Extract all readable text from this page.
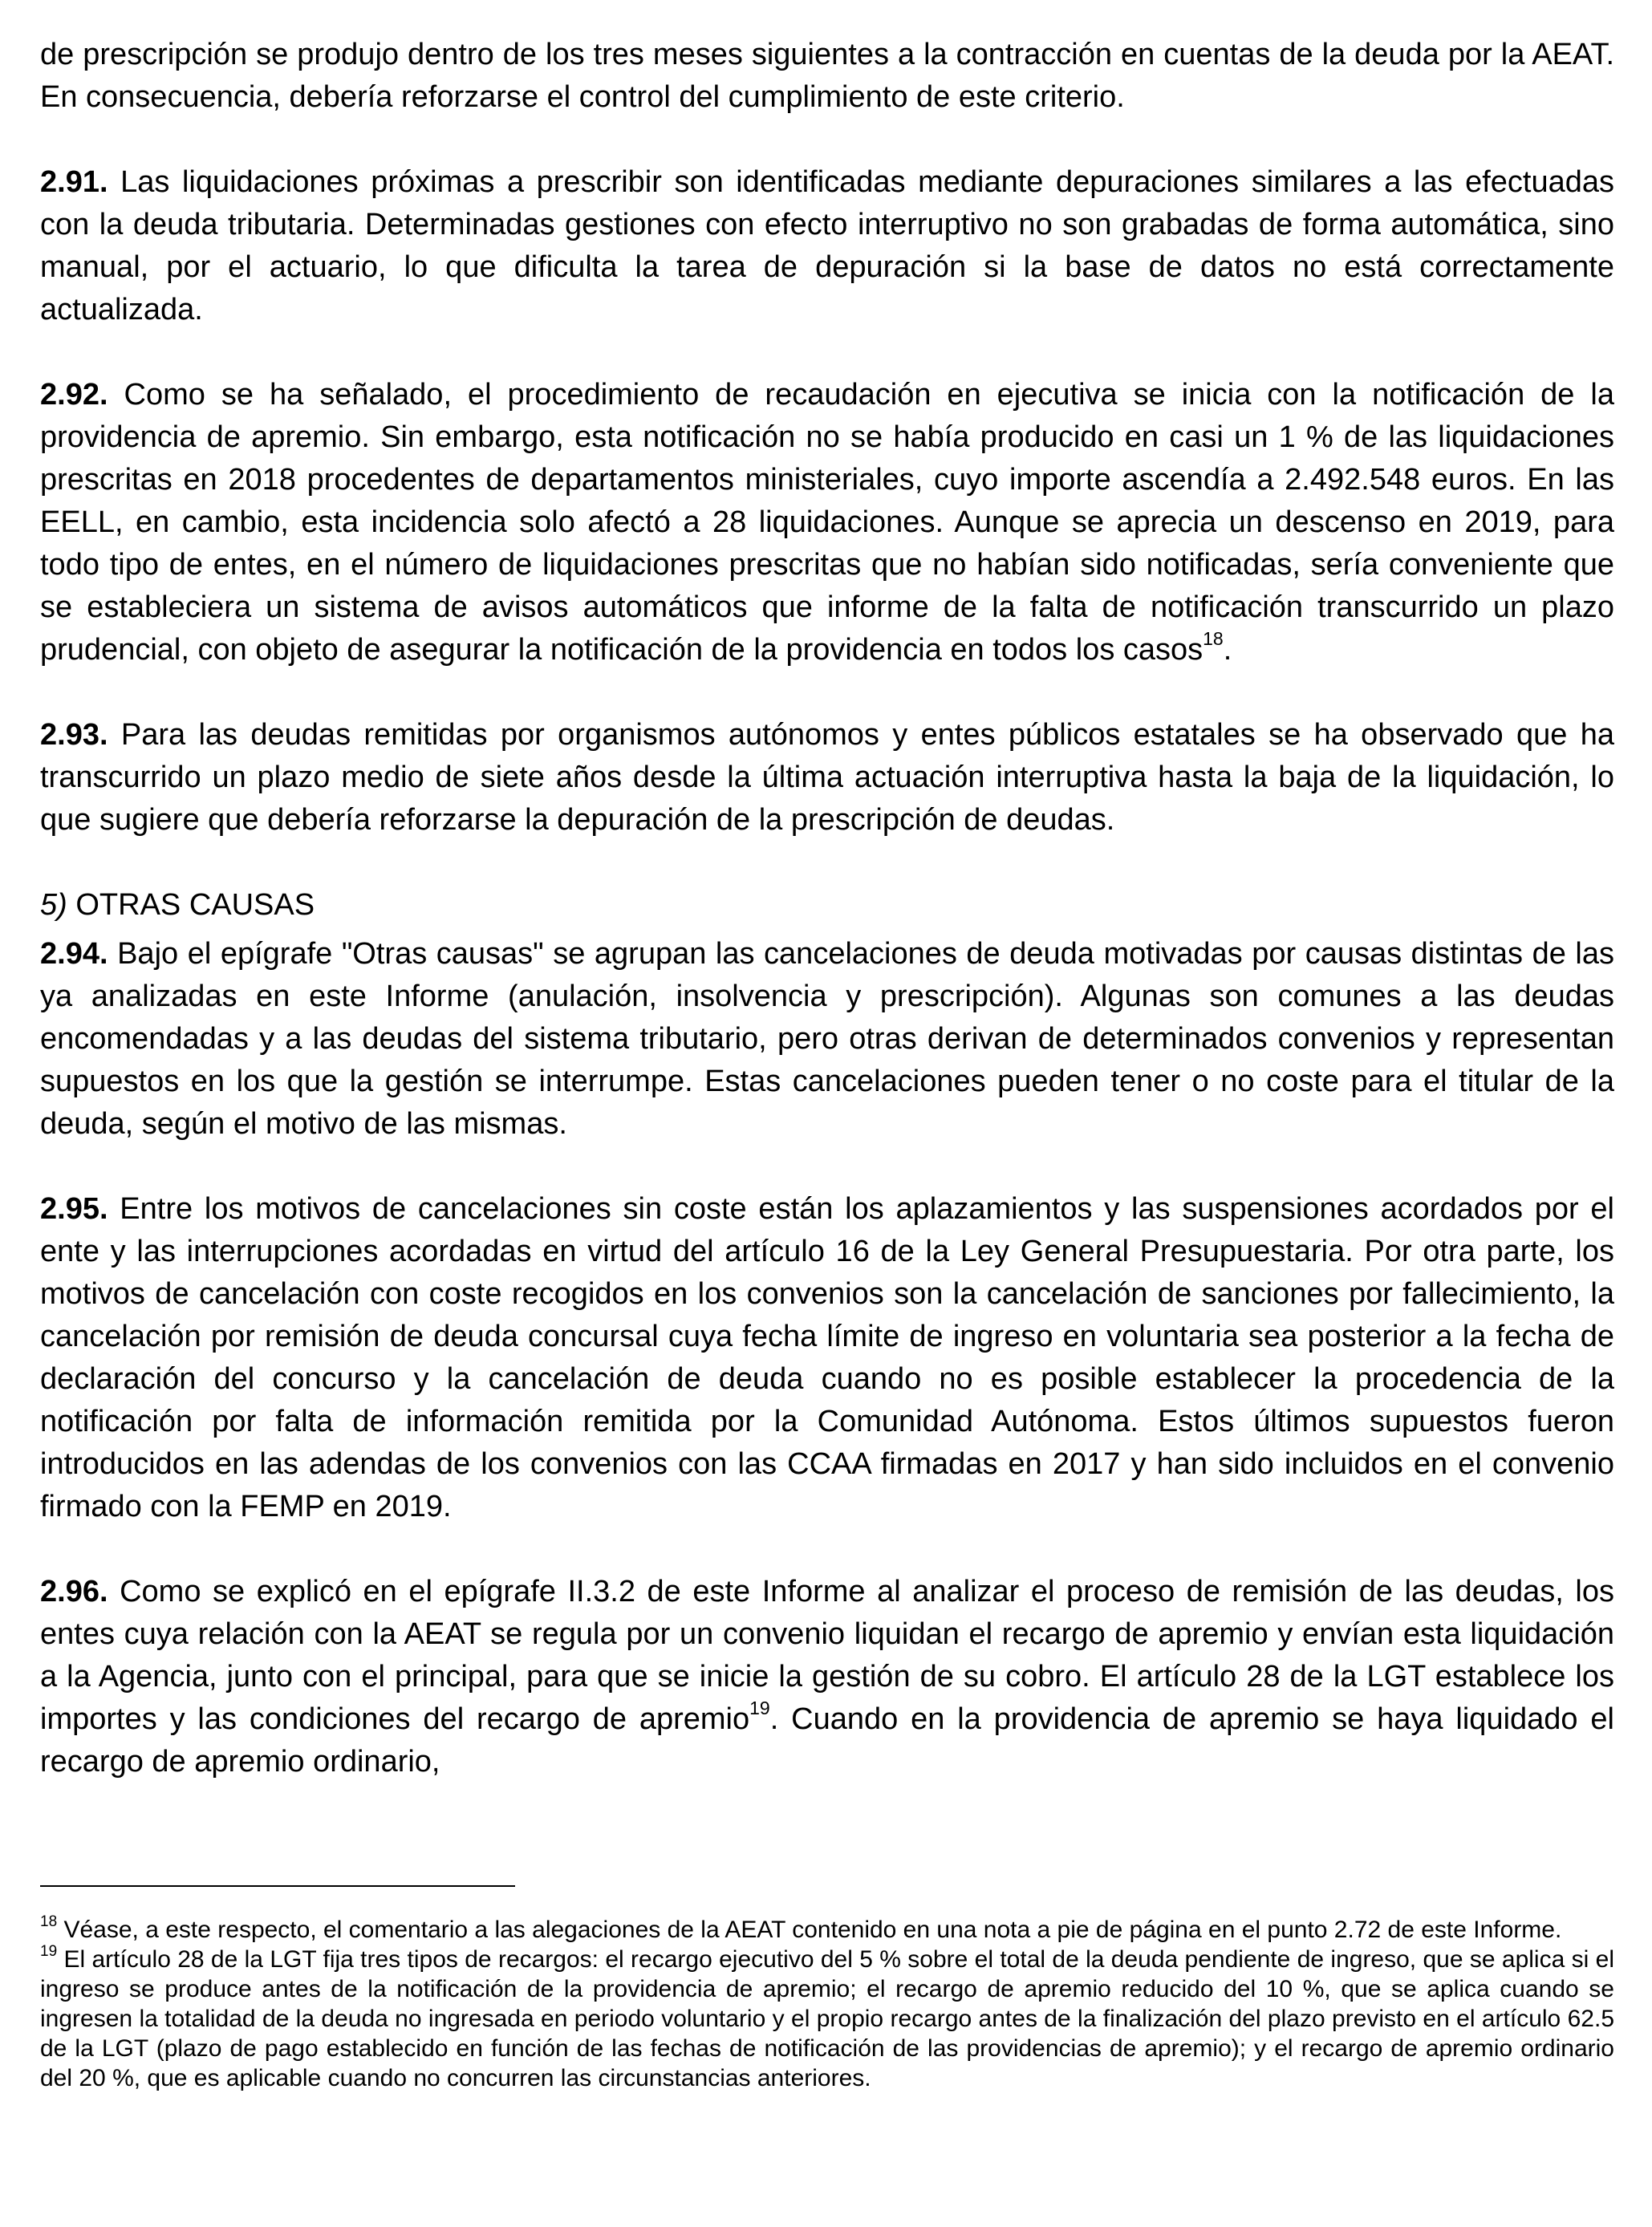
de prescripción se produjo dentro de los tres meses siguientes a la contracción en cuentas de la deuda por la AEAT. En consecuencia, debería reforzarse el control del cumplimiento de este criterio.

2.91. Las liquidaciones próximas a prescribir son identificadas mediante depuraciones similares a las efectuadas con la deuda tributaria. Determinadas gestiones con efecto interruptivo no son grabadas de forma automática, sino manual, por el actuario, lo que dificulta la tarea de depuración si la base de datos no está correctamente actualizada.

2.92. Como se ha señalado, el procedimiento de recaudación en ejecutiva se inicia con la notificación de la providencia de apremio. Sin embargo, esta notificación no se había producido en casi un 1 % de las liquidaciones prescritas en 2018 procedentes de departamentos ministeriales, cuyo importe ascendía a 2.492.548 euros. En las EELL, en cambio, esta incidencia solo afectó a 28 liquidaciones. Aunque se aprecia un descenso en 2019, para todo tipo de entes, en el número de liquidaciones prescritas que no habían sido notificadas, sería conveniente que se estableciera un sistema de avisos automáticos que informe de la falta de notificación transcurrido un plazo prudencial, con objeto de asegurar la notificación de la providencia en todos los casos$^{18}$.

2.93. Para las deudas remitidas por organismos autónomos y entes públicos estatales se ha observado que ha transcurrido un plazo medio de siete años desde la última actuación interruptiva hasta la baja de la liquidación, lo que sugiere que debería reforzarse la depuración de la prescripción de deudas.

5) OTRAS CAUSAS

2.94. Bajo el epígrafe "Otras causas" se agrupan las cancelaciones de deuda motivadas por causas distintas de las ya analizadas en este Informe (anulación, insolvencia y prescripción). Algunas son comunes a las deudas encomendadas y a las deudas del sistema tributario, pero otras derivan de determinados convenios y representan supuestos en los que la gestión se interrumpe. Estas cancelaciones pueden tener o no coste para el titular de la deuda, según el motivo de las mismas.

2.95. Entre los motivos de cancelaciones sin coste están los aplazamientos y las suspensiones acordados por el ente y las interrupciones acordadas en virtud del artículo 16 de la Ley General Presupuestaria. Por otra parte, los motivos de cancelación con coste recogidos en los convenios son la cancelación de sanciones por fallecimiento, la cancelación por remisión de deuda concursal cuya fecha límite de ingreso en voluntaria sea posterior a la fecha de declaración del concurso y la cancelación de deuda cuando no es posible establecer la procedencia de la notificación por falta de información remitida por la Comunidad Autónoma. Estos últimos supuestos fueron introducidos en las adendas de los convenios con las CCAA firmadas en 2017 y han sido incluidos en el convenio firmado con la FEMP en 2019.

2.96. Como se explicó en el epígrafe II.3.2 de este Informe al analizar el proceso de remisión de las deudas, los entes cuya relación con la AEAT se regula por un convenio liquidan el recargo de apremio y envían esta liquidación a la Agencia, junto con el principal, para que se inicie la gestión de su cobro. El artículo 28 de la LGT establece los importes y las condiciones del recargo de apremio$^{19}$. Cuando en la providencia de apremio se haya liquidado el recargo de apremio ordinario,

$^{18}$ Véase, a este respecto, el comentario a las alegaciones de la AEAT contenido en una nota a pie de página en el punto 2.72 de este Informe.

$^{19}$ El artículo 28 de la LGT fija tres tipos de recargos: el recargo ejecutivo del 5 % sobre el total de la deuda pendiente de ingreso, que se aplica si el ingreso se produce antes de la notificación de la providencia de apremio; el recargo de apremio reducido del 10 %, que se aplica cuando se ingresen la totalidad de la deuda no ingresada en periodo voluntario y el propio recargo antes de la finalización del plazo previsto en el artículo 62.5 de la LGT (plazo de pago establecido en función de las fechas de notificación de las providencias de apremio); y el recargo de apremio ordinario del 20 %, que es aplicable cuando no concurren las circunstancias anteriores.
